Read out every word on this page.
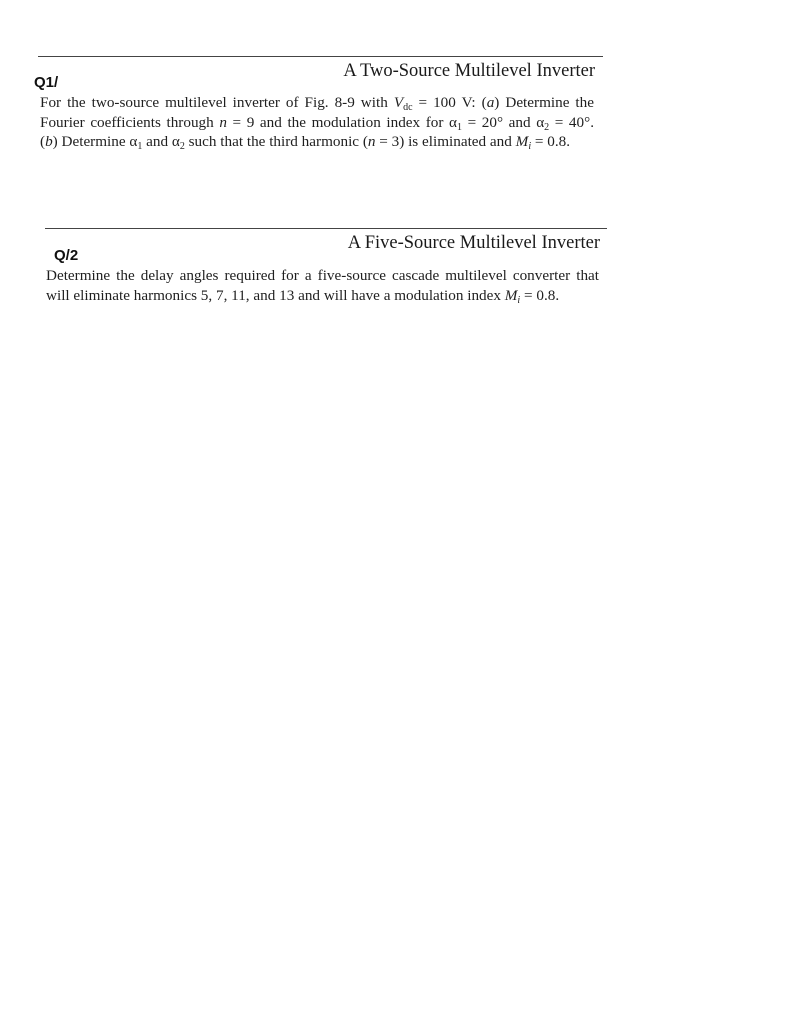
Q1/
A Two-Source Multilevel Inverter
For the two-source multilevel inverter of Fig. 8-9 with $V_{dc} = 100$ V: (a) Determine the
Fourier coefficients through n = 9 and the modulation index for $\alpha_1 = 20^\circ$ and $\alpha_2 = 40^\circ$.
(b) Determine $\alpha_1$ and $\alpha_2$ such that the third harmonic (n = 3) is eliminated and $M_i = 0.8$.
Q/2
A Five-Source Multilevel Inverter
Determine the delay angles required for a five-source cascade multilevel converter that
will eliminate harmonics 5, 7, 11, and 13 and will have a modulation index $M_i = 0.8$.
